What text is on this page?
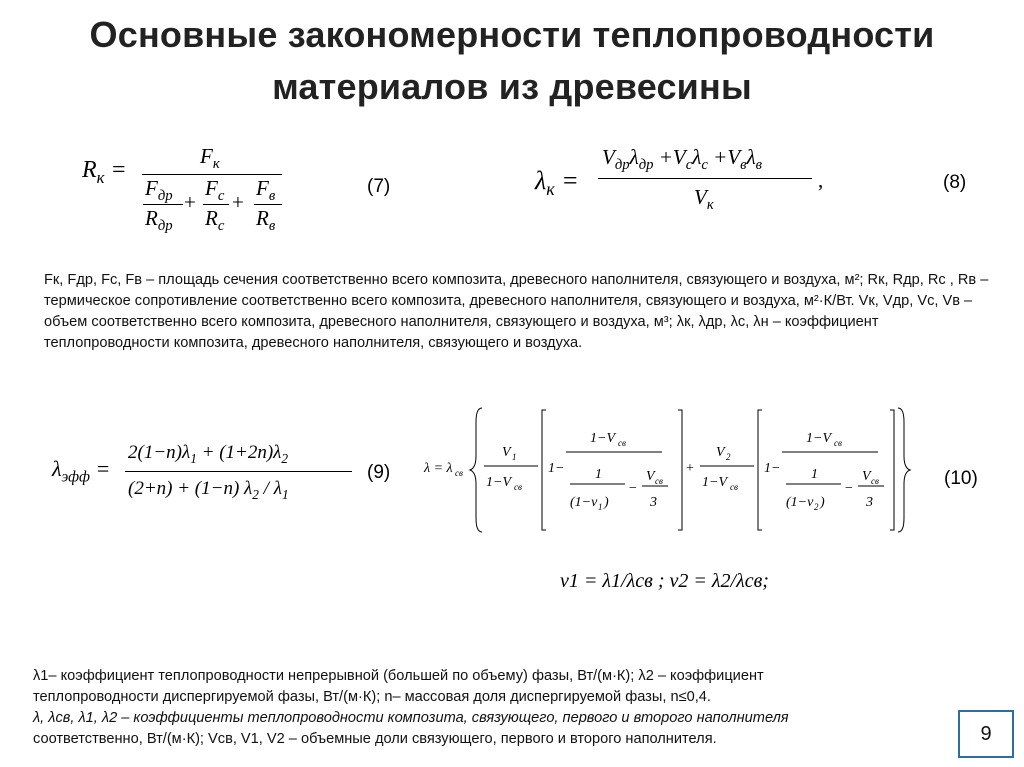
Основные закономерности теплопроводности
материалов из древесины
$R_к$ =
$F_к$
$F_{др}$
$R_{др}$
+
$F_с$
$R_с$
+
$F_в$
$R_в$
(7)	$\lambda_к$ =
$V_{др}\lambda_{др} +V_с\lambda_с +V_в\lambda_в$
$V_к$
,	(8)
Fк, Fдр, Fс, Fв – площадь сечения соответственно всего композита, древесного наполнителя, связующего и воздуха, м²; Rк, Rдр, Rс , Rв – термическое сопротивление соответственно всего композита, древесного наполнителя, связующего и воздуха, м²·К/Вт. Vк, Vдр, Vс, Vв – объем соответственно всего композита, древесного наполнителя, связующего и воздуха, м³; λк, λдр, λс, λн – коэффициент теплопроводности композита, древесного наполнителя, связующего и воздуха.
$\lambda_{эфф}$ =
$2(1-n)\lambda_1 + (1+2n)\lambda_2$
(2+n) + (1−n) $\lambda_2 / \lambda_1$
(9) λ = λ св
V 1
1−V св
1−
1−V св
1
(1−ν 1 )
−
V св
3
+
V 2
1−V св
1−
1−V св
1
(1−ν 2 )
−
V св
3
(10)
ν1 = λ1/λсв ; ν2 = λ2/λсв;
λ1– коэффициент теплопроводности непрерывной (большей по объему) фазы, Вт/(м·К); λ2 – коэффициент
теплопроводности диспергируемой фазы, Вт/(м·К); n– массовая доля диспергируемой фазы, n≤0,4.
λ, λсв, λ1, λ2 – коэффициенты теплопроводности композита, связующего, первого и второго наполнителя
соответственно, Вт/(м·К); Vсв, V1, V2 – объемные доли связующего, первого и второго наполнителя.	9
